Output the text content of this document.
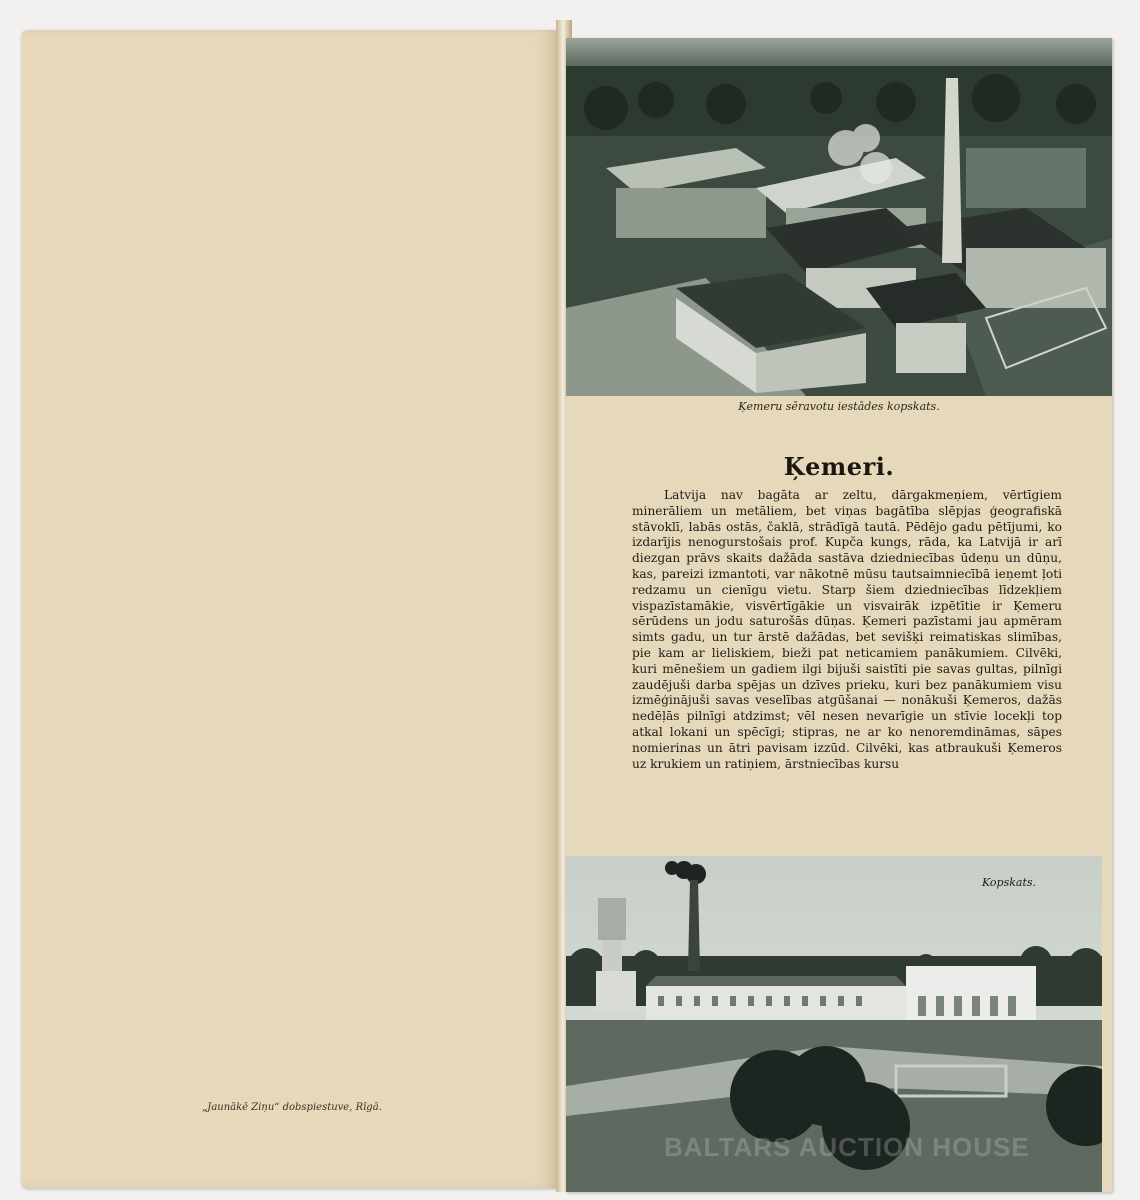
„Jaunākē Ziņu“ dobspiestuve, Rīgā.
Ķemeru sēravotu iestādes kopskats.
Ķemeri.

Latvija nav bagāta ar zeltu, dārgakmeņiem, vērtīgiem minerāliem un metāliem, bet viņas bagātība slēpjas ģeografiskā stāvoklī, labās ostās, čaklā, strādīgā tautā. Pēdējo gadu pētījumi, ko izdarījis nenogurstošais prof. Kupča kungs, rāda, ka Latvijā ir arī diezgan prāvs skaits dažāda sastāva dziedniecības ūdeņu un dūņu, kas, pareizi izmantoti, var nākotnē mūsu tautsaimniecībā ieņemt ļoti redzamu un cienīgu vietu. Starp šiem dziedniecības līdzekļiem vispazīstamākie, visvērtīgākie un visvairāk izpētītie ir Ķemeru sērūdens un jodu saturošās dūņas. Ķemeri pazīstami jau apmēram simts gadu, un tur ārstē dažādas, bet sevišķi reimatiskas slimības, pie kam ar lieliskiem, bieži pat neticamiem panākumiem. Cilvēki, kuri mēnešiem un gadiem ilgi bijuši saistīti pie savas gultas, pilnīgi zaudējuši darba spējas un dzīves prieku, kuri bez panākumiem visu izmēģinājuši savas veselības atgūšanai — nonākuši Ķemeros, dažās nedēļās pilnīgi atdzimst; vēl nesen nevarīgie un stīvie locekļi top atkal lokani un spēcīgi; stipras, ne ar ko nenoremdināmas, sāpes nomierinas un ātri pavisam izzūd. Cilvēki, kas atbraukuši Ķemeros uz krukiem un ratiņiem, ārstniecības kursu

Kopskats.
BALTARS AUCTION HOUSE
